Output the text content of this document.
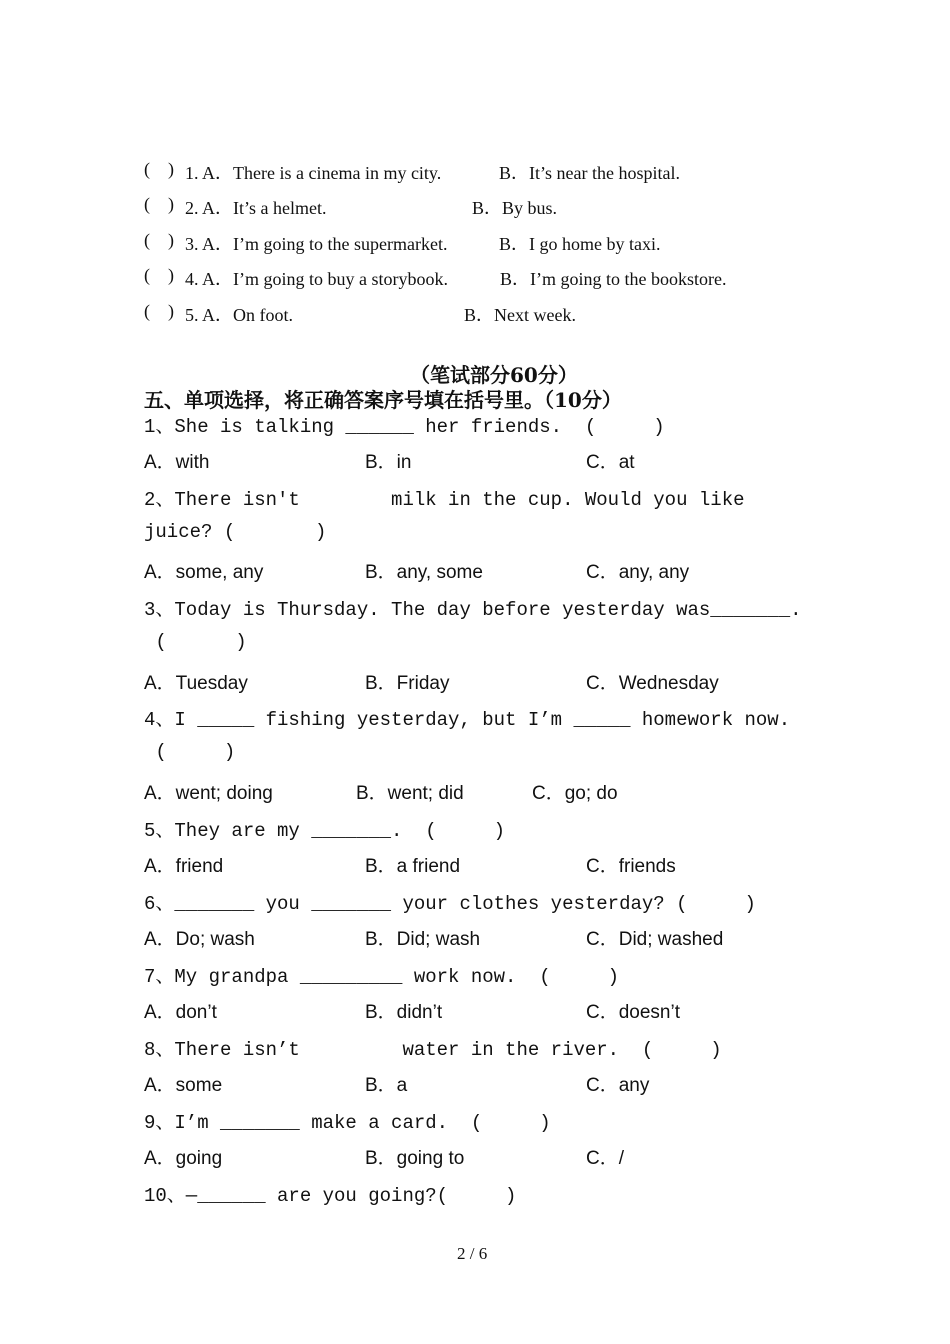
(    ) 1. A．There is a cinema in my city.	B．It’s near the hospital.
(    ) 2. A．It’s a helmet.	B．By bus.
(    ) 3. A．I’m going to the supermarket.	B．I go home by taxi.
(    ) 4. A．I’m going to buy a storybook.	B．I’m going to the bookstore.
(    ) 5. A．On foot.	B．Next week.
（笔试部分60分）
五、单项选择，将正确答案序号填在括号里。（10分）
1、She is talking ______ her friends.  (     )
A．with	B．in	C．at
2、There isn't        milk in the cup. Would you like
juice? (       )
A．some, any	B．any, some	C．any, any
3、Today is Thursday. The day before yesterday was_______.
(      )
A．Tuesday	B．Friday	C．Wednesday
4、I _____ fishing yesterday, but I’m _____ homework now.
(     )
A．went; doing	B．went; did	C．go; do
5、They are my _______.  (     )
A．friend	B．a friend	C．friends
6、_______ you _______ your clothes yesterday? (     )
A．Do; wash	B．Did; wash	C．Did; washed
7、My grandpa _________ work now.  (     )
A．don’t	B．didn’t	C．doesn’t
8、There isn’t         water in the river.  (     )
A．some	B．a	C．any
9、I’m _______ make a card.  (     )
A．going	B．going to	C．/
10、—______ are you going?(     )
2 / 6
